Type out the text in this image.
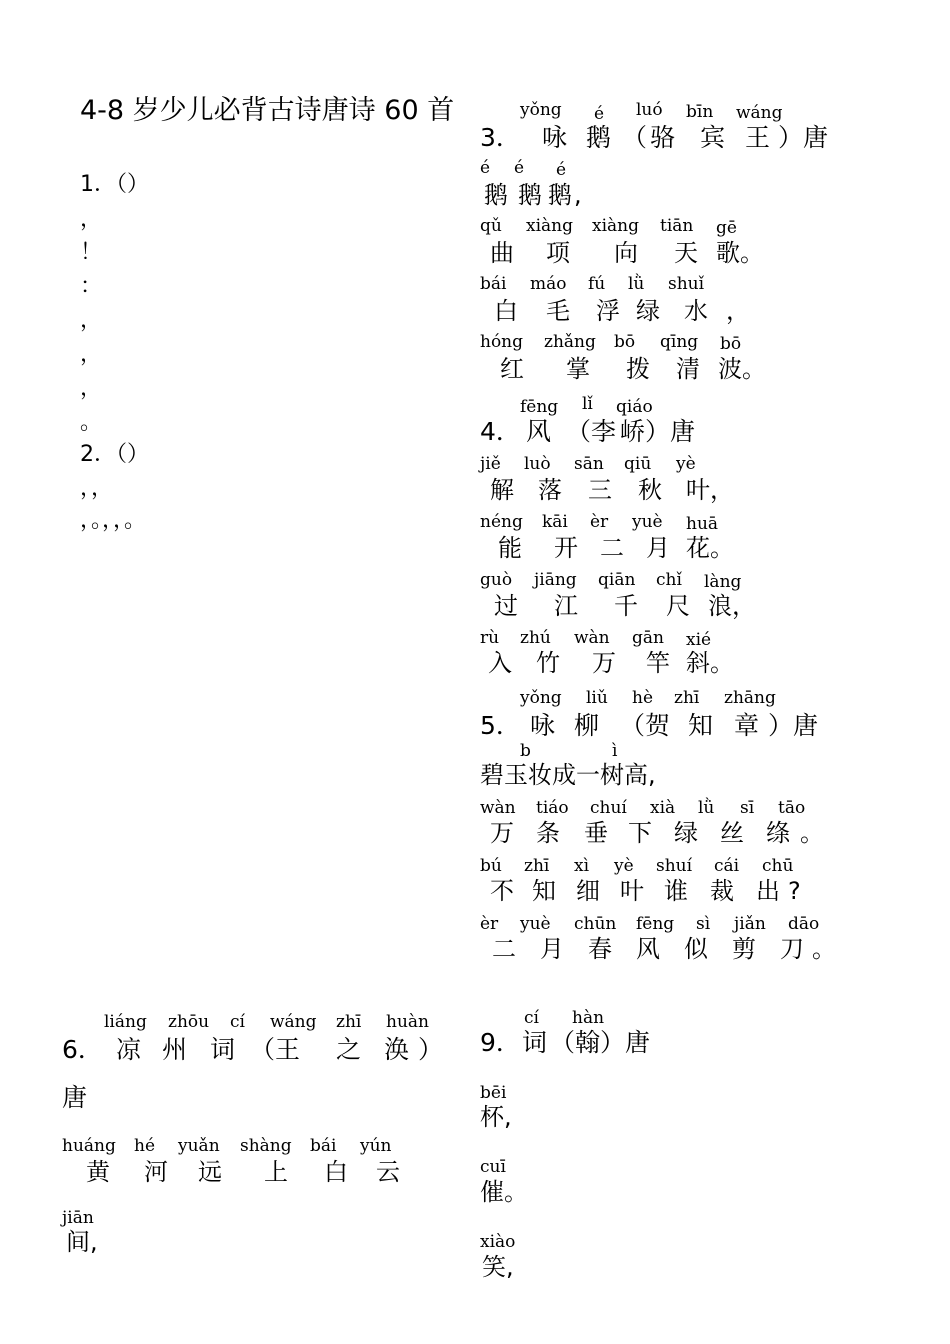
4-8 岁少儿必背古诗唐诗 60 首
1．（）
，
！
：
，
，
，
。
2．（）
，，
，。，，。
yǒng é luó bīn wáng
3． 咏 鹅 （ 骆 宾 王 ）唐
é é é
鹅 鹅 鹅 ,
qǔ xiàng xiàng tiān gē
曲 项 向 天 歌。
bái máo fú lǜ shuǐ
白 毛 浮 绿 水 ，
hóng zhǎng bō qīng bō
红 掌 拨 清 波。
fēng lǐ qiáo
4． 风 （李 峤）唐
jiě luò sān qiū yè
解 落 三 秋 叶，
néng kāi èr yuè huā
能 开 二 月 花。
guò jiāng qiān chǐ làng
过 江 千 尺 浪，
rù zhú wàn gān xié
入 竹 万 竿 斜。
yǒng liǔ hè zhī zhāng
5． 咏 柳 （贺 知 章 ）唐
b	ì
碧玉妆成一树高,
wàn tiáo chuí xià lǜ sī tāo
万 条 垂 下 绿 丝 绦 。
bú zhī xì yè shuí cái chū
不 知 细 叶 谁 裁 出 ?
èr yuè chūn fēng sì jiǎn dāo
二 月 春 风 似 剪 刀 。
liáng zhōu cí wáng zhī huàn
6． 凉 州 词 （王 之 涣 ）
唐
huáng hé yuǎn shàng bái yún
黄 河 远 上 白 云
jiān
间,
cí hàn
9． 词 （翰）唐
bēi
杯,
cuī
催。
xiào
笑,
